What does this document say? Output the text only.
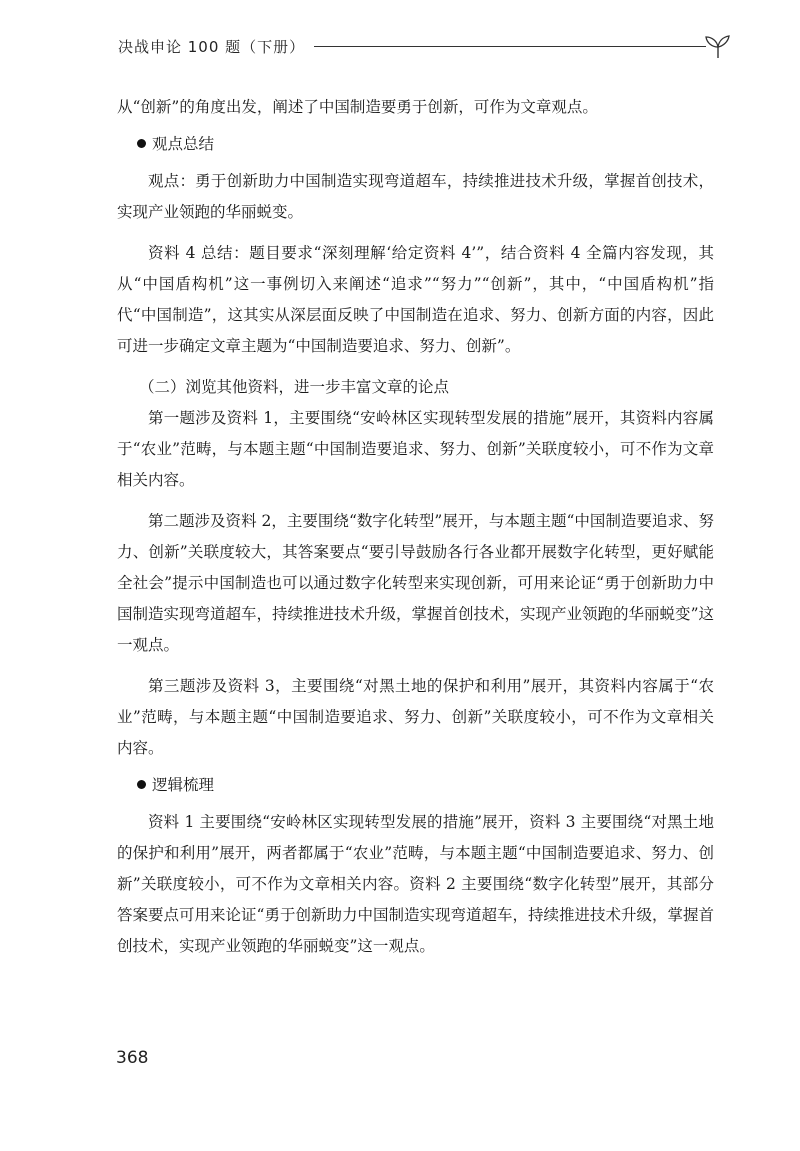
决战申论 100 题（下册）

从“创新”的角度出发，阐述了中国制造要勇于创新，可作为文章观点。

观点总结

观点：勇于创新助力中国制造实现弯道超车，持续推进技术升级，掌握首创技术，实现产业领跑的华丽蜕变。

资料 4 总结：题目要求“深刻理解‘给定资料 4’”，结合资料 4 全篇内容发现，其从“中国盾构机”这一事例切入来阐述“追求”“努力”“创新”，其中，“中国盾构机”指代“中国制造”，这其实从深层面反映了中国制造在追求、努力、创新方面的内容，因此可进一步确定文章主题为“中国制造要追求、努力、创新”。

（二）浏览其他资料，进一步丰富文章的论点

第一题涉及资料 1，主要围绕“安岭林区实现转型发展的措施”展开，其资料内容属于“农业”范畴，与本题主题“中国制造要追求、努力、创新”关联度较小，可不作为文章相关内容。

第二题涉及资料 2，主要围绕“数字化转型”展开，与本题主题“中国制造要追求、努力、创新”关联度较大，其答案要点“要引导鼓励各行各业都开展数字化转型，更好赋能全社会”提示中国制造也可以通过数字化转型来实现创新，可用来论证“勇于创新助力中国制造实现弯道超车，持续推进技术升级，掌握首创技术，实现产业领跑的华丽蜕变”这一观点。

第三题涉及资料 3，主要围绕“对黑土地的保护和利用”展开，其资料内容属于“农业”范畴，与本题主题“中国制造要追求、努力、创新”关联度较小，可不作为文章相关内容。

逻辑梳理

资料 1 主要围绕“安岭林区实现转型发展的措施”展开，资料 3 主要围绕“对黑土地的保护和利用”展开，两者都属于“农业”范畴，与本题主题“中国制造要追求、努力、创新”关联度较小，可不作为文章相关内容。资料 2 主要围绕“数字化转型”展开，其部分答案要点可用来论证“勇于创新助力中国制造实现弯道超车，持续推进技术升级，掌握首创技术，实现产业领跑的华丽蜕变”这一观点。

368
